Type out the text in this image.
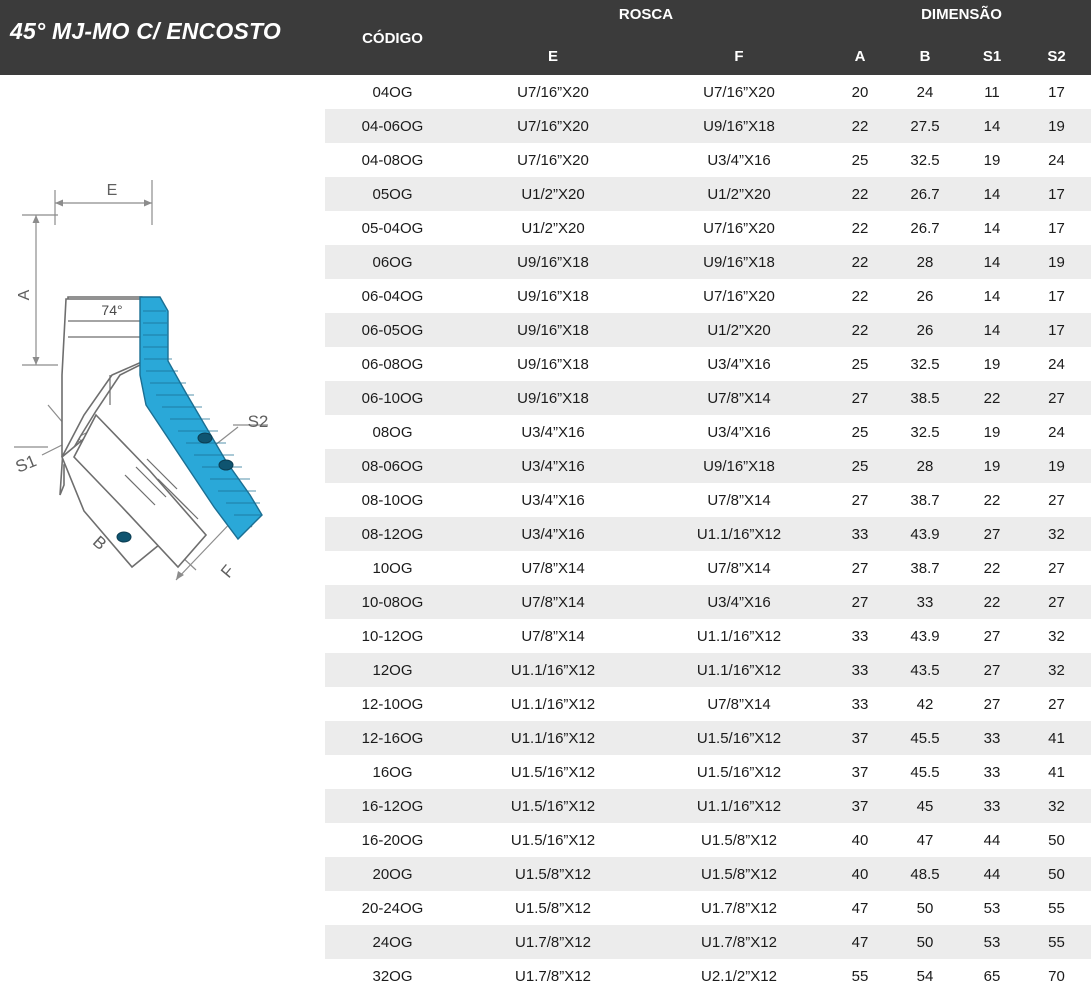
45° MJ-MO C/ ENCOSTO	CÓDIGO
ROSCA	DIMENSÃO
E	F	A	B	S1	S2
E
A
B
F
S1
S2
74°
04OG	U7/16”X20	U7/16”X20	20	24	11	17
04-06OG	U7/16”X20	U9/16”X18	22	27.5	14	19
04-08OG	U7/16”X20	U3/4”X16	25	32.5	19	24
05OG	U1/2”X20	U1/2”X20	22	26.7	14	17
05-04OG	U1/2”X20	U7/16”X20	22	26.7	14	17
06OG	U9/16”X18	U9/16”X18	22	28	14	19
06-04OG	U9/16”X18	U7/16”X20	22	26	14	17
06-05OG	U9/16”X18	U1/2”X20	22	26	14	17
06-08OG	U9/16”X18	U3/4”X16	25	32.5	19	24
06-10OG	U9/16”X18	U7/8”X14	27	38.5	22	27
08OG	U3/4”X16	U3/4”X16	25	32.5	19	24
08-06OG	U3/4”X16	U9/16”X18	25	28	19	19
08-10OG	U3/4”X16	U7/8”X14	27	38.7	22	27
08-12OG	U3/4”X16	U1.1/16”X12	33	43.9	27	32
10OG	U7/8”X14	U7/8”X14	27	38.7	22	27
10-08OG	U7/8”X14	U3/4”X16	27	33	22	27
10-12OG	U7/8”X14	U1.1/16”X12	33	43.9	27	32
12OG	U1.1/16”X12	U1.1/16”X12	33	43.5	27	32
12-10OG	U1.1/16”X12	U7/8”X14	33	42	27	27
12-16OG	U1.1/16”X12	U1.5/16”X12	37	45.5	33	41
16OG	U1.5/16”X12	U1.5/16”X12	37	45.5	33	41
16-12OG	U1.5/16”X12	U1.1/16”X12	37	45	33	32
16-20OG	U1.5/16”X12	U1.5/8”X12	40	47	44	50
20OG	U1.5/8”X12	U1.5/8”X12	40	48.5	44	50
20-24OG	U1.5/8”X12	U1.7/8”X12	47	50	53	55
24OG	U1.7/8”X12	U1.7/8”X12	47	50	53	55
32OG	U1.7/8”X12	U2.1/2”X12	55	54	65	70
